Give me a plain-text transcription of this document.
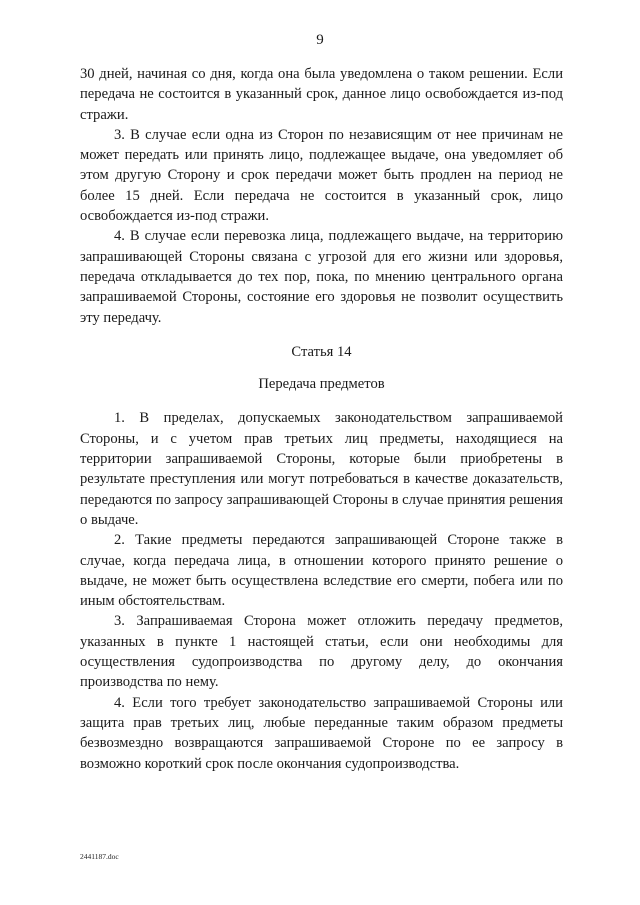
9

30 дней, начиная со дня, когда она была уведомлена о таком решении. Если передача не состоится в указанный срок, данное лицо освобождается из-под стражи.

3. В случае если одна из Сторон по независящим от нее причинам не может передать или принять лицо, подлежащее выдаче, она уведомляет об этом другую Сторону и срок передачи может быть продлен на период не более 15 дней. Если передача не состоится в указанный срок, лицо освобождается из-под стражи.

4. В случае если перевозка лица, подлежащего выдаче, на территорию запрашивающей Стороны связана с угрозой для его жизни или здоровья, передача откладывается до тех пор, пока, по мнению центрального органа запрашиваемой Стороны, состояние его здоровья не позволит осуществить эту передачу.

Статья 14

Передача предметов

1. В пределах, допускаемых законодательством запрашиваемой Стороны, и с учетом прав третьих лиц предметы, находящиеся на территории запрашиваемой Стороны, которые были приобретены в результате преступления или могут потребоваться в качестве доказательств, передаются по запросу запрашивающей Стороны в случае принятия решения о выдаче.

2. Такие предметы передаются запрашивающей Стороне также в случае, когда передача лица, в отношении которого принято решение о выдаче, не может быть осуществлена вследствие его смерти, побега или по иным обстоятельствам.

3. Запрашиваемая Сторона может отложить передачу предметов, указанных в пункте 1 настоящей статьи, если они необходимы для осуществления судопроизводства по другому делу, до окончания производства по нему.

4. Если того требует законодательство запрашиваемой Стороны или защита прав третьих лиц, любые переданные таким образом предметы безвозмездно возвращаются запрашиваемой Стороне по ее запросу в возможно короткий срок после окончания судопроизводства.

2441187.doc
